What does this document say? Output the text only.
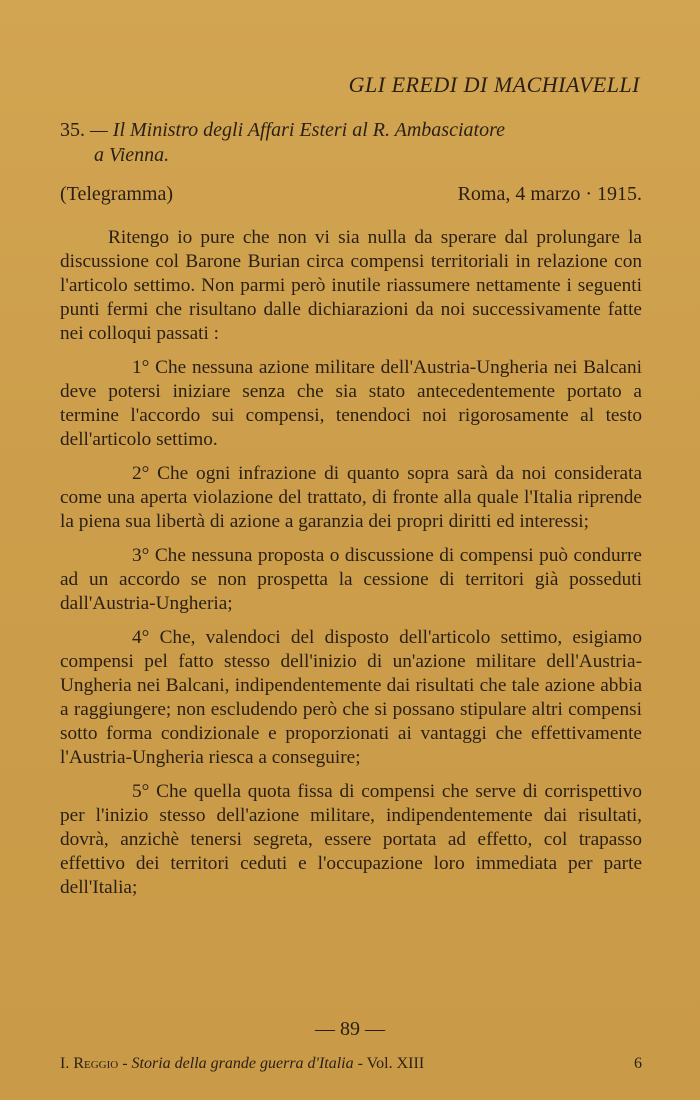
GLI EREDI DI MACHIAVELLI
35. — Il Ministro degli Affari Esteri al R. Ambasciatore
a Vienna.
(Telegramma)	Roma, 4 marzo · 1915.

Ritengo io pure che non vi sia nulla da sperare dal prolungare la discussione col Barone Burian circa compensi territoriali in relazione con l'articolo settimo. Non parmi però inutile riassumere nettamente i seguenti punti fermi che risultano dalle dichiarazioni da noi successivamente fatte nei colloqui passati :

1° Che nessuna azione militare dell'Austria-Ungheria nei Balcani deve potersi iniziare senza che sia stato antecedentemente portato a termine l'accordo sui compensi, tenendoci noi rigorosamente al testo dell'articolo settimo.

2° Che ogni infrazione di quanto sopra sarà da noi considerata come una aperta violazione del trattato, di fronte alla quale l'Italia riprende la piena sua libertà di azione a garanzia dei propri diritti ed interessi;

3° Che nessuna proposta o discussione di compensi può condurre ad un accordo se non prospetta la cessione di territori già posseduti dall'Austria-Ungheria;

4° Che, valendoci del disposto dell'articolo settimo, esigiamo compensi pel fatto stesso dell'inizio di un'azione militare dell'Austria-Ungheria nei Balcani, indipendentemente dai risultati che tale azione abbia a raggiungere; non escludendo però che si possano stipulare altri compensi sotto forma condizionale e proporzionati ai vantaggi che effettivamente l'Austria-Ungheria riesca a conseguire;

5° Che quella quota fissa di compensi che serve di corrispettivo per l'inizio stesso dell'azione militare, indipendentemente dai risultati, dovrà, anzichè tenersi segreta, essere portata ad effetto, col trapasso effettivo dei territori ceduti e l'occupazione loro immediata per parte dell'Italia;

— 89 —
I. Reggio - Storia della grande guerra d'Italia - Vol. XIII	6
